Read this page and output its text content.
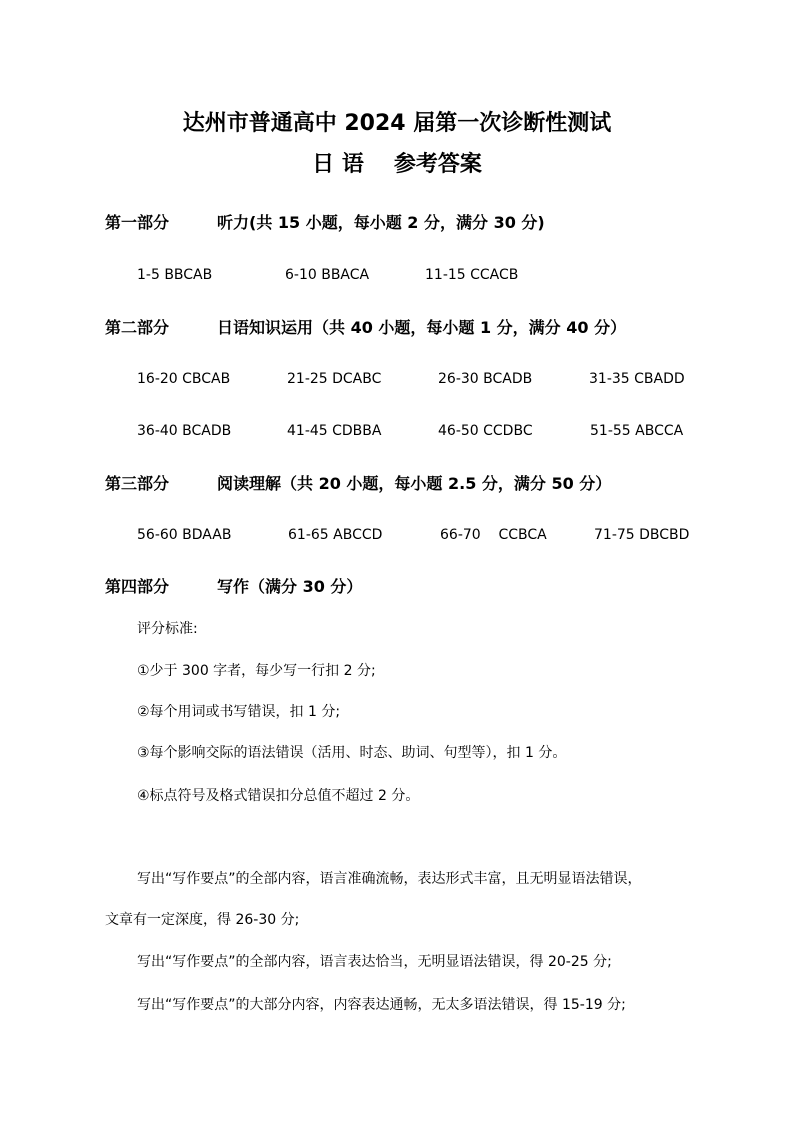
达州市普通高中 2024 届第一次诊断性测试
日 语 参考答案
第一部分	听力(共 15 小题，每小题 2 分，满分 30 分)
1-5 BBCAB	6-10 BBACA	11-15 CCACB
第二部分	日语知识运用（共 40 小题，每小题 1 分，满分 40 分）
16-20 CBCAB	21-25 DCABC	26-30 BCADB	31-35 CBADD
36-40 BCADB	41-45 CDBBA	46-50 CCDBC	51-55 ABCCA
第三部分	阅读理解（共 20 小题，每小题 2.5 分，满分 50 分）
56-60 BDAAB	61-65 ABCCD	66-70    CCBCA	71-75 DBCBD
第四部分	写作（满分 30 分）
评分标准:
①少于 300 字者，每少写一行扣 2 分;
②每个用词或书写错误，扣 1 分;
③每个影响交际的语法错误（活用、时态、助词、句型等），扣 1 分。
④标点符号及格式错误扣分总值不超过 2 分。
写出“写作要点”的全部内容，语言准确流畅，表达形式丰富，且无明显语法错误，
文章有一定深度，得 26-30 分;
写出“写作要点”的全部内容，语言表达恰当，无明显语法错误，得 20-25 分;
写出“写作要点”的大部分内容，内容表达通畅，无太多语法错误，得 15-19 分;
